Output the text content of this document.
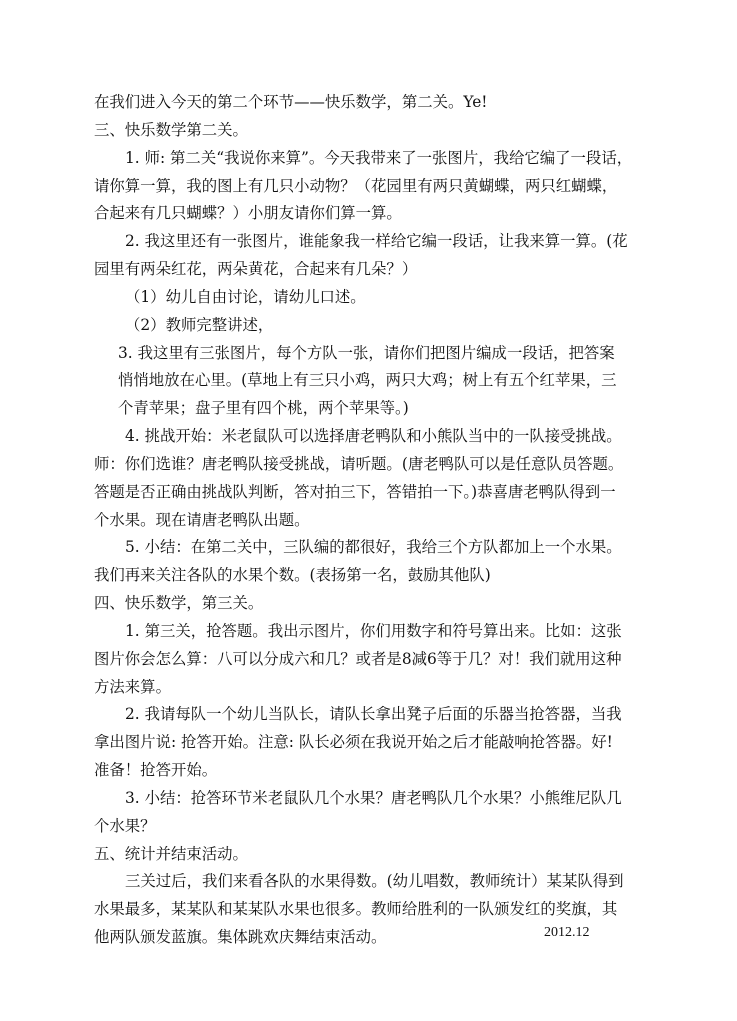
在我们进入今天的第二个环节——快乐数学，第二关。Ye!
三、快乐数学第二关。
1. 师: 第二关“我说你来算”。今天我带来了一张图片，我给它编了一段话，
请你算一算，我的图上有几只小动物？（花园里有两只黄蝴蝶，两只红蝴蝶，
合起来有几只蝴蝶？）小朋友请你们算一算。
2. 我这里还有一张图片，谁能象我一样给它编一段话，让我来算一算。(花
园里有两朵红花，两朵黄花，合起来有几朵？）
（1）幼儿自由讨论，请幼儿口述。
（2）教师完整讲述，
3. 我这里有三张图片，每个方队一张，请你们把图片编成一段话，把答案
悄悄地放在心里。(草地上有三只小鸡，两只大鸡；树上有五个红苹果，三
个青苹果；盘子里有四个桃，两个苹果等。)
4. 挑战开始：米老鼠队可以选择唐老鸭队和小熊队当中的一队接受挑战。
师：你们选谁？唐老鸭队接受挑战，请听题。(唐老鸭队可以是任意队员答题。
答题是否正确由挑战队判断，答对拍三下，答错拍一下。)恭喜唐老鸭队得到一
个水果。现在请唐老鸭队出题。
5. 小结：在第二关中，三队编的都很好，我给三个方队都加上一个水果。
我们再来关注各队的水果个数。(表扬第一名，鼓励其他队)
四、快乐数学，第三关。
1. 第三关，抢答题。我出示图片，你们用数字和符号算出来。比如：这张
图片你会怎么算：八可以分成六和几？或者是8减6等于几？对！我们就用这种
方法来算。
2. 我请每队一个幼儿当队长，请队长拿出凳子后面的乐器当抢答器，当我
拿出图片说: 抢答开始。注意: 队长必须在我说开始之后才能敲响抢答器。好!
准备！抢答开始。
3. 小结：抢答环节米老鼠队几个水果？唐老鸭队几个水果？小熊维尼队几
个水果？
五、统计并结束活动。
三关过后，我们来看各队的水果得数。(幼儿唱数，教师统计）某某队得到
水果最多，某某队和某某队水果也很多。教师给胜利的一队颁发红的奖旗，其
他两队颁发蓝旗。集体跳欢庆舞结束活动。	2012.12
